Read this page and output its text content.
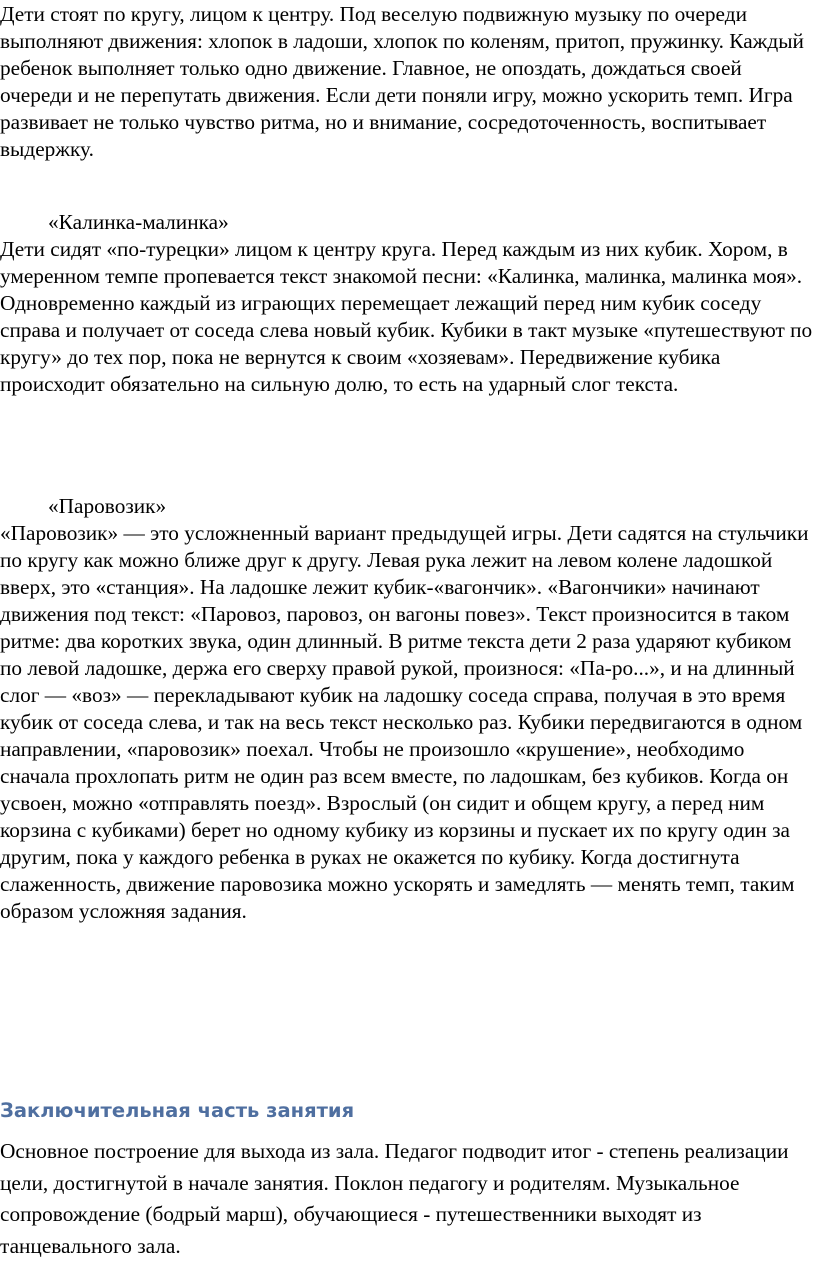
Дети стоят по кругу, лицом к центру. Под веселую подвижную музыку по очереди выполняют движения: хлопок в ладоши, хлопок по коленям, притоп, пружинку. Каждый ребенок выполняет только одно движение. Главное, не опоздать, дождаться своей очереди и не перепутать движения. Если дети поняли игру, можно ускорить темп. Игра развивает не только чувство ритма, но и внимание, сосредоточенность, воспитывает выдержку.

«Калинка-малинка»

Дети сидят «по-турецки» лицом к центру круга. Перед каждым из них кубик. Хором, в умеренном темпе пропевается текст знакомой песни: «Калинка, малинка, малинка моя». Одновременно каждый из играющих перемещает лежащий перед ним кубик соседу справа и получает от соседа слева новый кубик. Кубики в такт музыке «путешествуют по кругу» до тех пор, пока не вернутся к своим «хозяевам». Передвижение кубика происходит обязательно на сильную долю, то есть на ударный слог текста.

«Паровозик»

«Паровозик» — это усложненный вариант предыдущей игры. Дети садятся на стульчики по кругу как можно ближе друг к другу. Левая рука лежит на левом колене ладошкой вверх, это «станция». На ладошке лежит кубик-«вагончик». «Вагончики» начинают движения под текст: «Паровоз, паровоз, он вагоны повез». Текст произносится в таком ритме: два коротких звука, один длинный. В ритме текста дети 2 раза ударяют кубиком по левой ладошке, держа его сверху правой рукой, произнося: «Па-ро...», и на длинный слог — «воз» — перекладывают кубик на ладошку соседа справа, получая в это время кубик от соседа слева, и так на весь текст несколько раз. Кубики передвигаются в одном направлении, «паровозик» поехал. Чтобы не произошло «крушение», необходимо сначала прохлопать ритм не один раз всем вместе, по ладошкам, без кубиков. Когда он усвоен, можно «отправлять поезд». Взрослый (он сидит и общем кругу, а перед ним корзина с кубиками) берет но одному кубику из корзины и пускает их по кругу один за другим, пока у каждого ребенка в руках не окажется по кубику. Когда достигнута слаженность, движение паровозика можно ускорять и замедлять — менять темп, таким образом усложняя задания.

Заключительная часть занятия

Основное построение для выхода из зала. Педагог подводит итог - степень реализации цели, достигнутой в начале занятия. Поклон педагогу и родителям. Музыкальное сопровождение (бодрый марш), обучающиеся - путешественники выходят из танцевального зала.
